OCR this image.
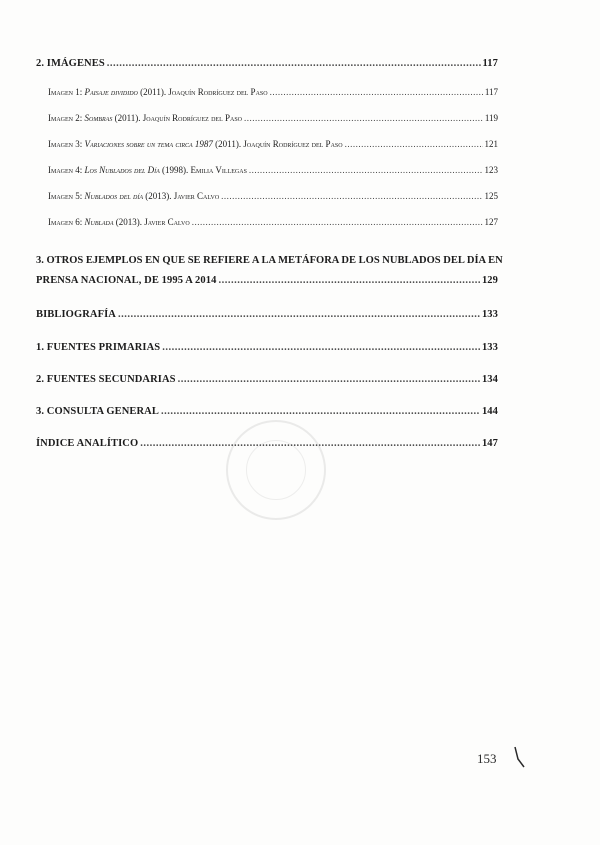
2. IMÁGENES .....	117
Imagen 1: Paisaje dividido (2011). Joaquín Rodríguez del Paso .....	117
Imagen 2: Sombras (2011). Joaquín Rodríguez del Paso .....	119
Imagen 3: Variaciones sobre un tema circa 1987 (2011). Joaquín Rodríguez del Paso .....	121
Imagen 4: Los Nublados del Día (1998). Emilia Villegas .....	123
Imagen 5: Nublados del día (2013). Javier Calvo .....	125
Imagen 6: Nublada (2013). Javier Calvo .....	127
3. OTROS EJEMPLOS EN QUE SE REFIERE A LA METÁFORA DE LOS NUBLADOS DEL DÍA EN
PRENSA NACIONAL, DE 1995 A 2014 .....	129
BIBLIOGRAFÍA .....	133
1. FUENTES PRIMARIAS .....	133
2. FUENTES SECUNDARIAS .....	134
3. CONSULTA GENERAL .....	144
ÍNDICE ANALÍTICO .....	147
153
